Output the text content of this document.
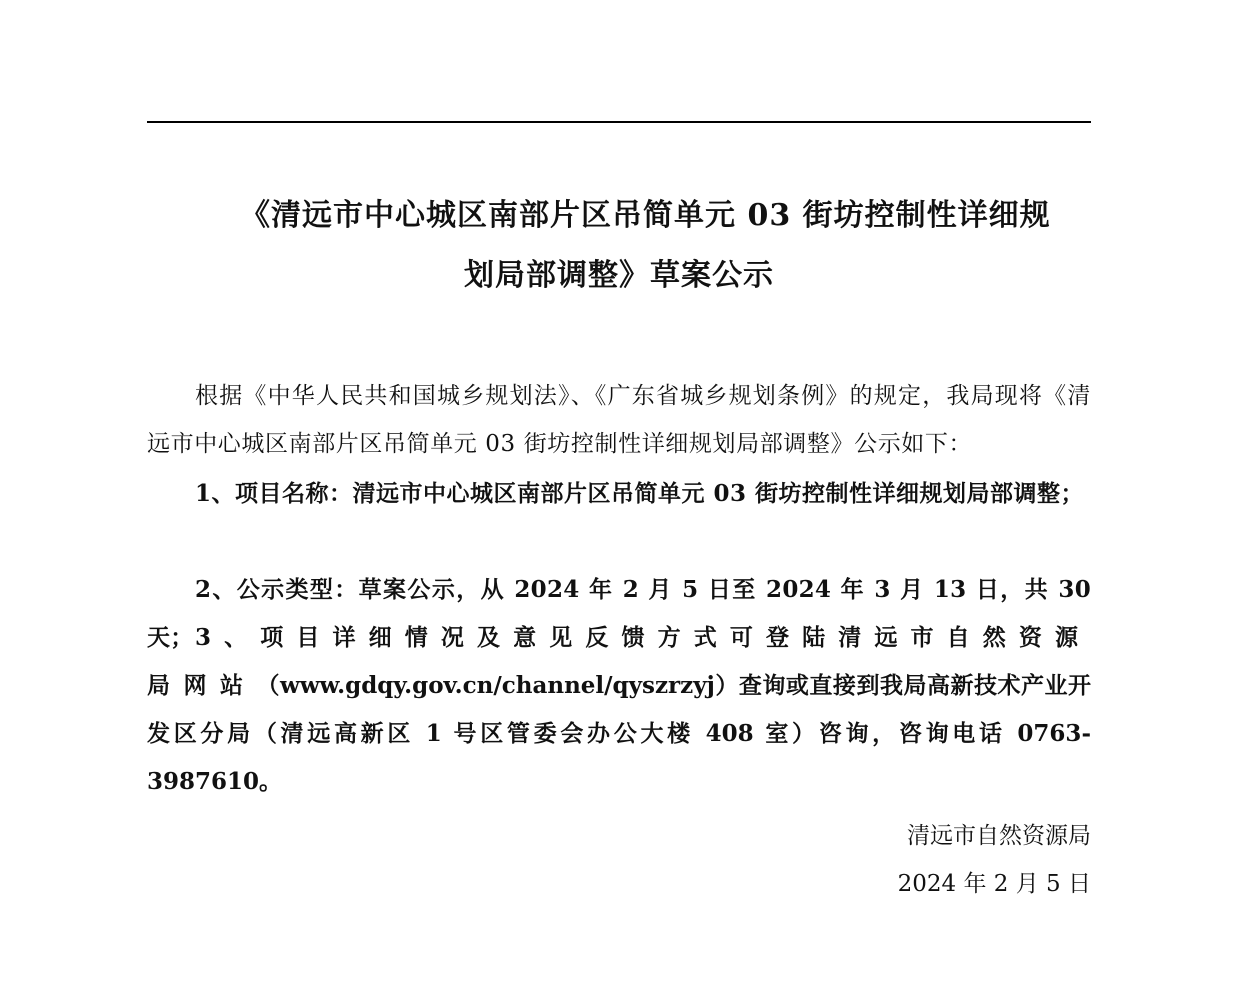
《清远市中心城区南部片区吊简单元 03 街坊控制性详细规
划局部调整》草案公示
根据《中华人民共和国城乡规划法》、《广东省城乡规划条例》的规定，我局现将《清远市中心城区南部片区吊简单元 03 街坊控制性详细规划局部调整》公示如下：
1、项目名称：清远市中心城区南部片区吊简单元 03 街坊控制性详细规划局部调整；
2、公示类型：草案公示，从 2024 年 2 月 5 日至 2024 年 3 月 13 日，共 30 天； 3、项目详细情况及意见反馈方式可登陆清远市自然资源局网站（www.gdqy.gov.cn/channel/qyszrzyj）查询或直接到我局高新技术产业开发区分局（清远高新区 1 号区管委会办公大楼 408 室）咨询，咨询电话 0763-3987610。
清远市自然资源局
2024 年 2 月 5 日
